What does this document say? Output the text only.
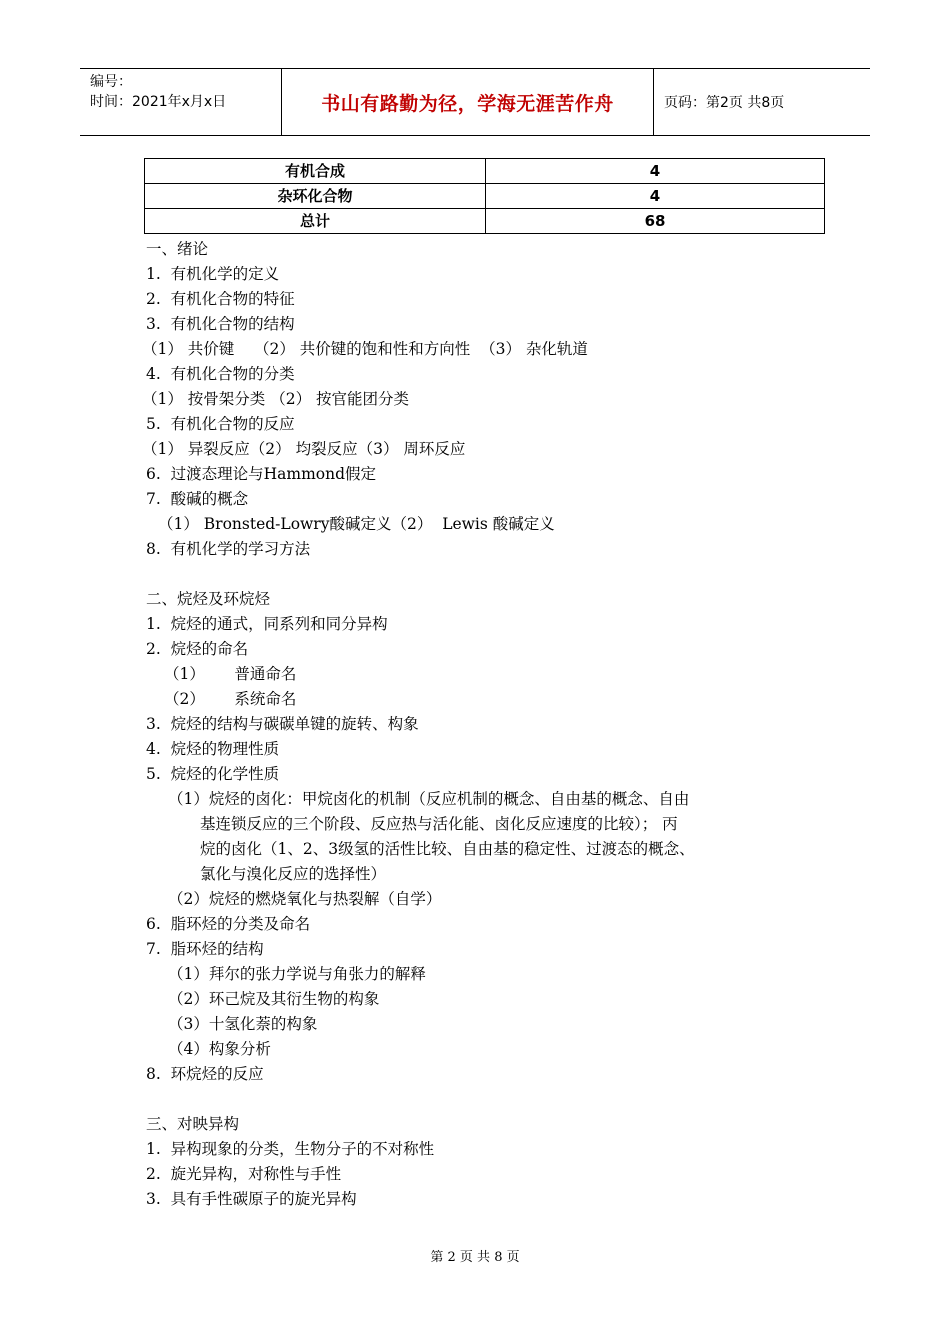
编号：
时间：2021年x月x日	书山有路勤为径，学海无涯苦作舟	页码：第2页 共8页
有机合成	4
杂环化合物	4
总计	68
一、绪论
1.  有机化学的定义
2.  有机化合物的特征
3.  有机化合物的结构
（1） 共价键    （2） 共价键的饱和性和方向性  （3） 杂化轨道
4.  有机化合物的分类
（1） 按骨架分类 （2） 按官能团分类
5.  有机化合物的反应
（1） 异裂反应（2） 均裂反应（3） 周环反应
6.  过渡态理论与Hammond假定
7.  酸碱的概念
（1） Bronsted-Lowry酸碱定义（2）  Lewis 酸碱定义
8.  有机化学的学习方法
二、烷烃及环烷烃
1.  烷烃的通式，同系列和同分异构
2.  烷烃的命名
（1）      普通命名
（2）      系统命名
3.  烷烃的结构与碳碳单键的旋转、构象
4.  烷烃的物理性质
5.  烷烃的化学性质
（1）烷烃的卤化：甲烷卤化的机制（反应机制的概念、自由基的概念、自由
基连锁反应的三个阶段、反应热与活化能、卤化反应速度的比较）； 丙
烷的卤化（1、2、3级氢的活性比较、自由基的稳定性、过渡态的概念、
氯化与溴化反应的选择性）
（2）烷烃的燃烧氧化与热裂解（自学）
6.  脂环烃的分类及命名
7.  脂环烃的结构
（1）拜尔的张力学说与角张力的解释
（2）环己烷及其衍生物的构象
（3）十氢化萘的构象
（4）构象分析
8.  环烷烃的反应
三、对映异构
1.  异构现象的分类，生物分子的不对称性
2.  旋光异构，对称性与手性
3.  具有手性碳原子的旋光异构
第 2 页 共 8 页
